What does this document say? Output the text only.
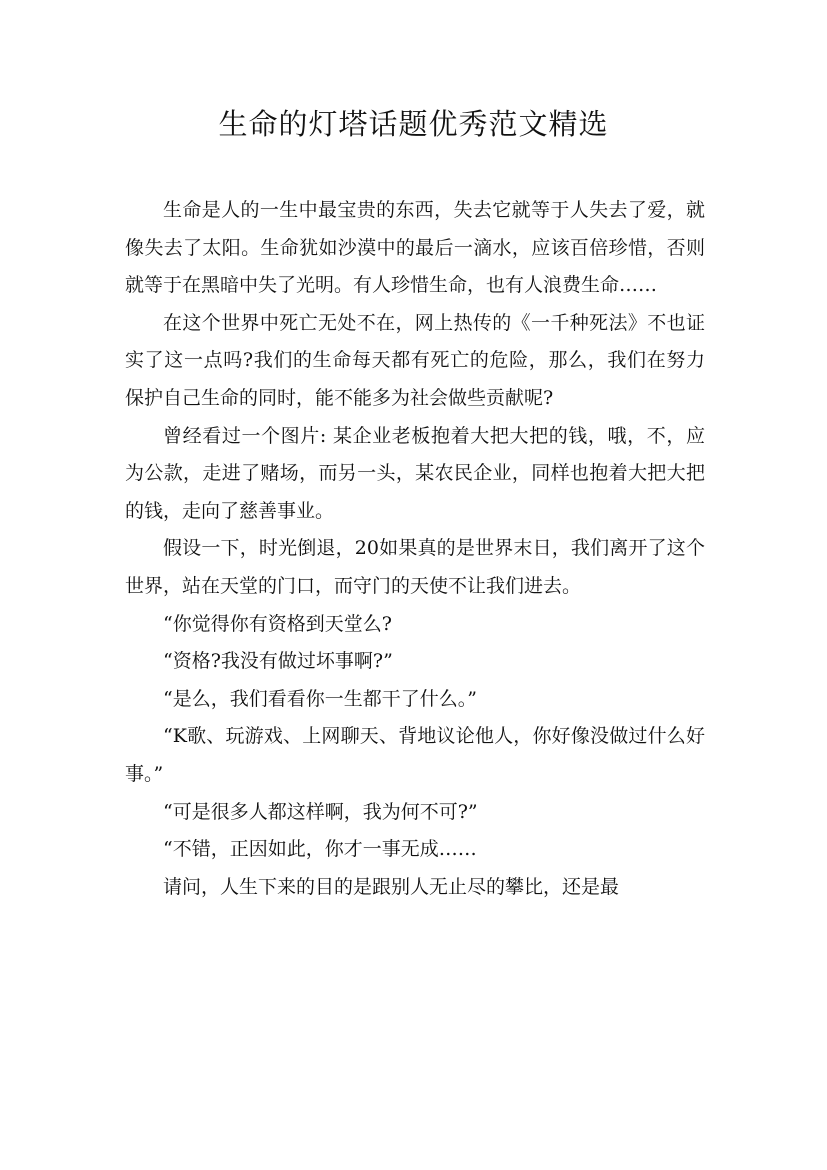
生命的灯塔话题优秀范文精选

生命是人的一生中最宝贵的东西，失去它就等于人失去了爱，就像失去了太阳。生命犹如沙漠中的最后一滴水，应该百倍珍惜，否则就等于在黑暗中失了光明。有人珍惜生命，也有人浪费生命……

在这个世界中死亡无处不在，网上热传的《一千种死法》不也证实了这一点吗?我们的生命每天都有死亡的危险，那么，我们在努力保护自己生命的同时，能不能多为社会做些贡献呢?

曾经看过一个图片: 某企业老板抱着大把大把的钱，哦，不，应为公款，走进了赌场，而另一头，某农民企业，同样也抱着大把大把的钱，走向了慈善事业。

假设一下，时光倒退，20如果真的是世界末日，我们离开了这个世界，站在天堂的门口，而守门的天使不让我们进去。

“你觉得你有资格到天堂么?

“资格?我没有做过坏事啊?”

“是么，我们看看你一生都干了什么。”

“K歌、玩游戏、上网聊天、背地议论他人，你好像没做过什么好事。”

“可是很多人都这样啊，我为何不可?”

“不错，正因如此，你才一事无成……

请问，人生下来的目的是跟别人无止尽的攀比，还是最
